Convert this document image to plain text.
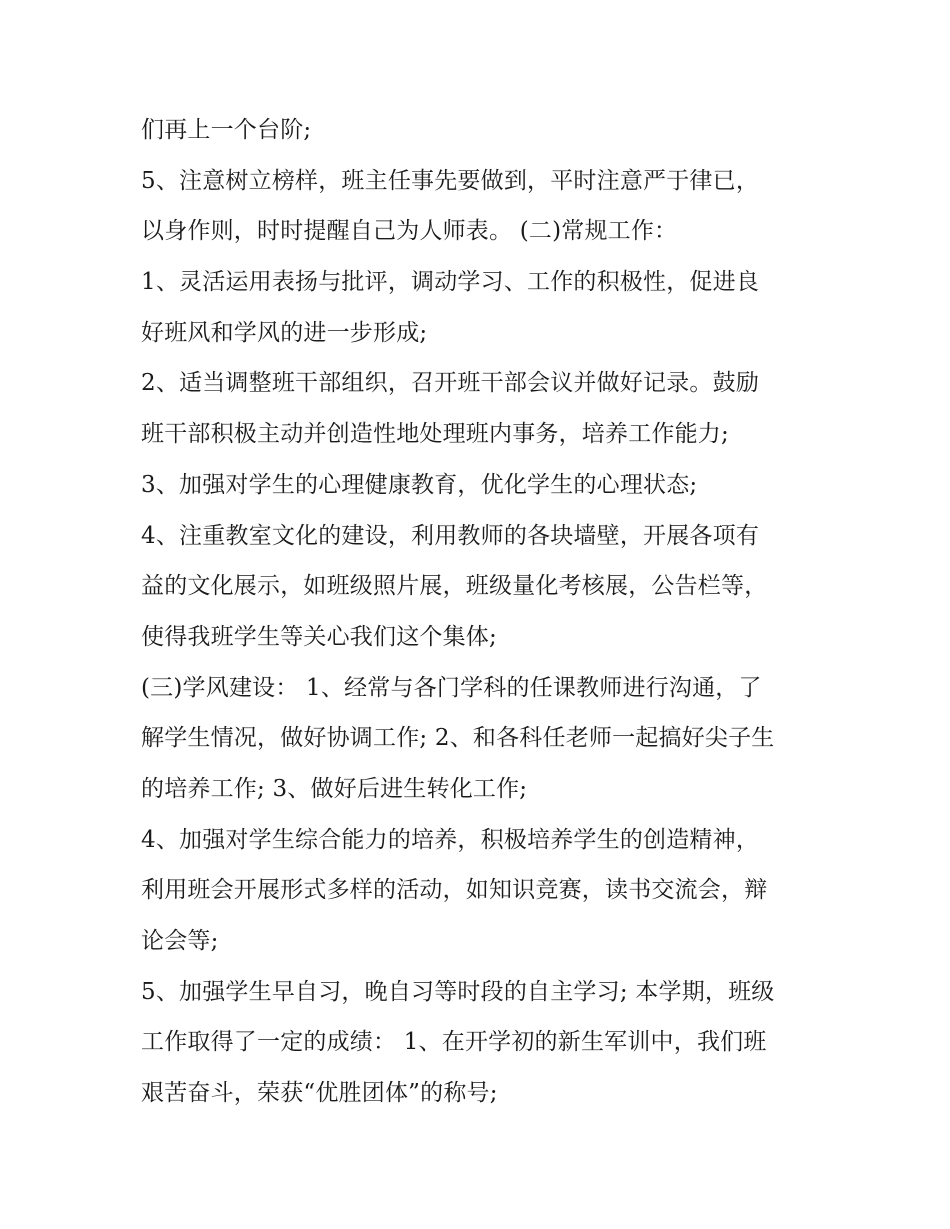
们再上一个台阶;
5、注意树立榜样，班主任事先要做到，平时注意严于律已，
以身作则，时时提醒自己为人师表。 (二)常规工作：
1、灵活运用表扬与批评，调动学习、工作的积极性，促进良
好班风和学风的进一步形成;
2、适当调整班干部组织，召开班干部会议并做好记录。鼓励
班干部积极主动并创造性地处理班内事务，培养工作能力;
3、加强对学生的心理健康教育，优化学生的心理状态;
4、注重教室文化的建设，利用教师的各块墙壁，开展各项有
益的文化展示，如班级照片展，班级量化考核展，公告栏等，
使得我班学生等关心我们这个集体;
(三)学风建设： 1、经常与各门学科的任课教师进行沟通，了
解学生情况，做好协调工作; 2、和各科任老师一起搞好尖子生
的培养工作; 3、做好后进生转化工作;
4、加强对学生综合能力的培养，积极培养学生的创造精神，
利用班会开展形式多样的活动，如知识竞赛，读书交流会，辩
论会等;
5、加强学生早自习，晚自习等时段的自主学习; 本学期，班级
工作取得了一定的成绩： 1、在开学初的新生军训中，我们班
艰苦奋斗，荣获“优胜团体”的称号;
